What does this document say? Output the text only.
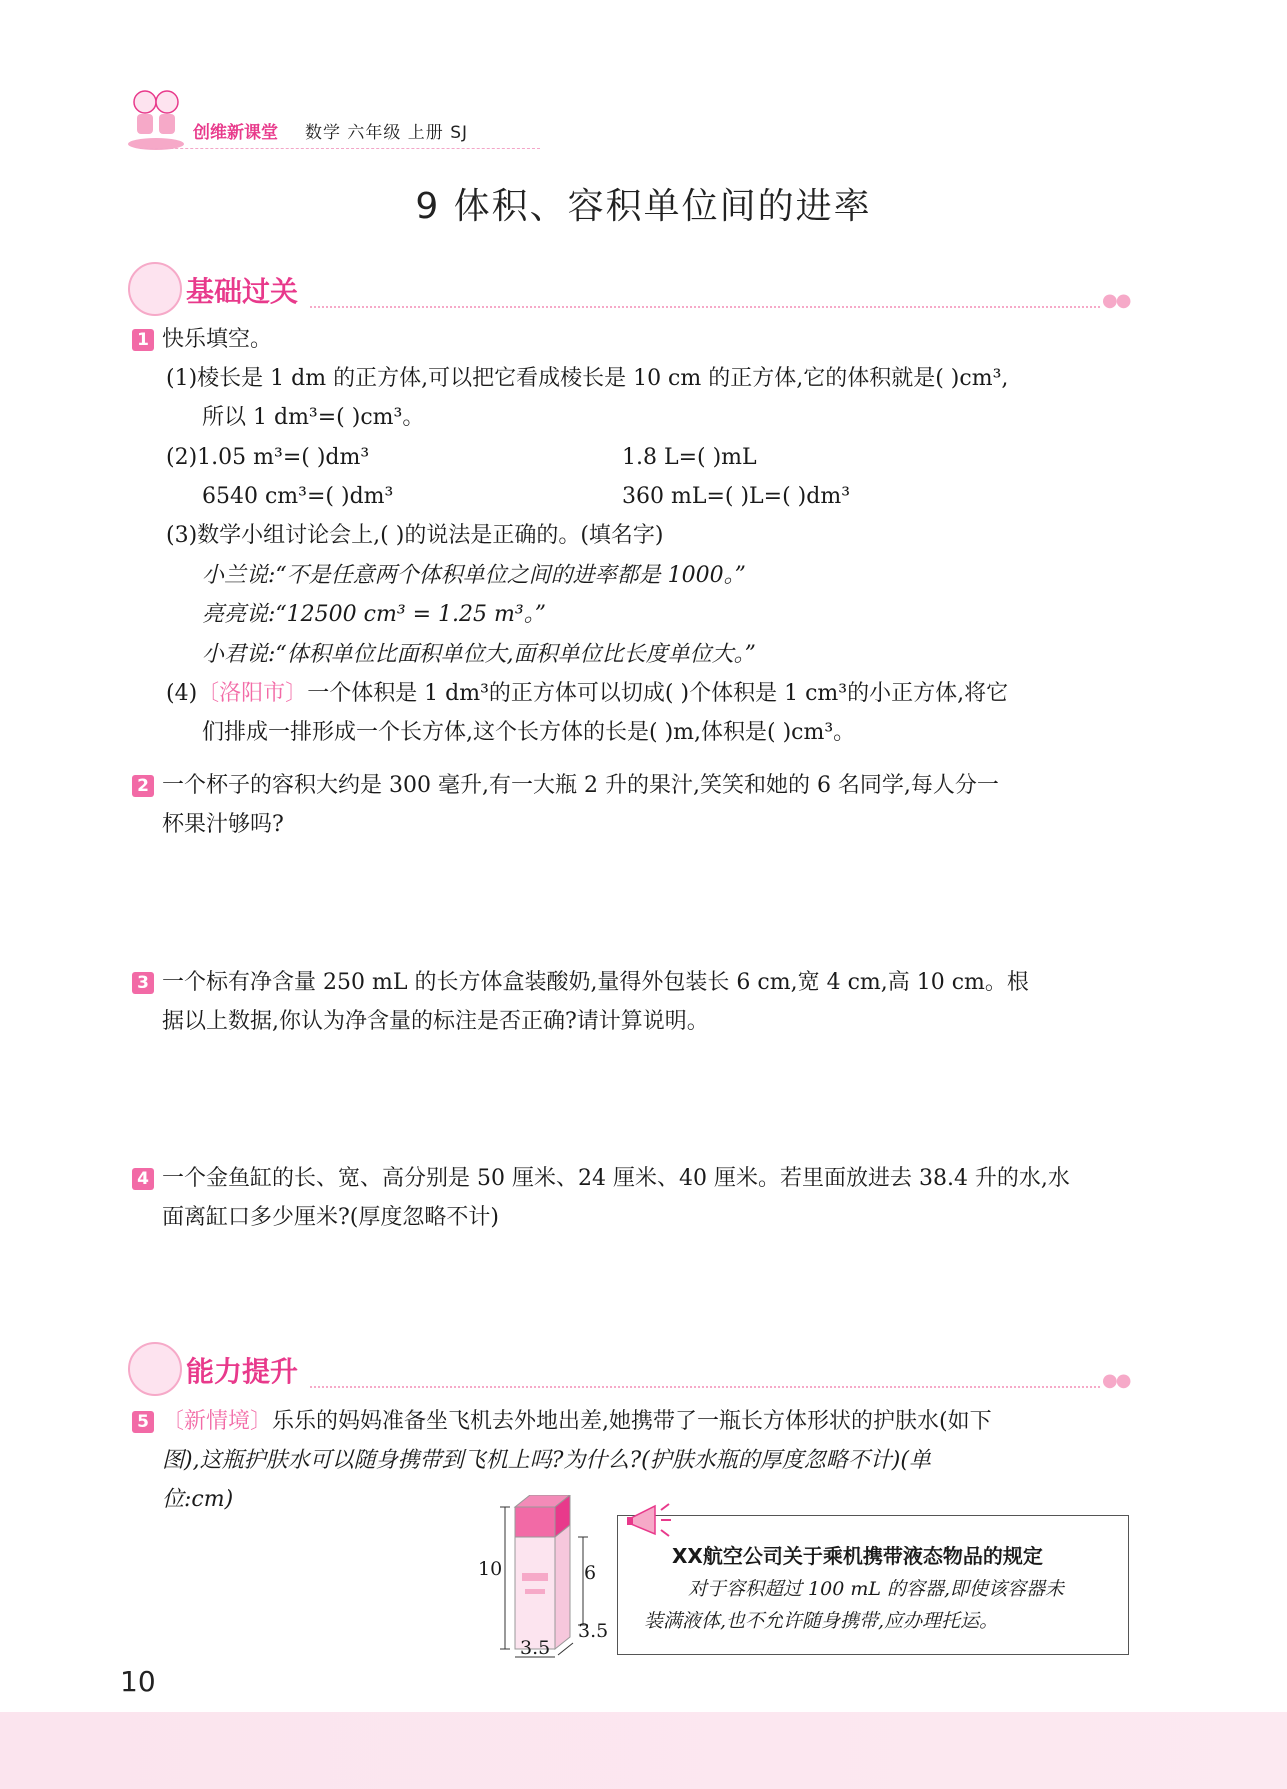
创维新课堂 数学 六年级 上册 SJ
9 体积、容积单位间的进率
基础过关	●●
1 快乐填空。
(1)棱长是 1 dm 的正方体,可以把它看成棱长是 10 cm 的正方体,它的体积就是( )cm³,
所以 1 dm³=( )cm³。
(2)1.05 m³=( )dm³	1.8 L=( )mL
6540 cm³=( )dm³	360 mL=( )L=( )dm³
(3)数学小组讨论会上,( )的说法是正确的。(填名字)
小兰说:“不是任意两个体积单位之间的进率都是 1000。”
亮亮说:“12500 cm³ = 1.25 m³。”
小君说:“体积单位比面积单位大,面积单位比长度单位大。”
(4)〔洛阳市〕一个体积是 1 dm³的正方体可以切成( )个体积是 1 cm³的小正方体,将它
们排成一排形成一个长方体,这个长方体的长是( )m,体积是( )cm³。
2 一个杯子的容积大约是 300 毫升,有一大瓶 2 升的果汁,笑笑和她的 6 名同学,每人分一
杯果汁够吗?
3 一个标有净含量 250 mL 的长方体盒装酸奶,量得外包装长 6 cm,宽 4 cm,高 10 cm。根
据以上数据,你认为净含量的标注是否正确?请计算说明。
4 一个金鱼缸的长、宽、高分别是 50 厘米、24 厘米、40 厘米。若里面放进去 38.4 升的水,水
面离缸口多少厘米?(厚度忽略不计)
能力提升	●●
5 〔新情境〕乐乐的妈妈准备坐飞机去外地出差,她携带了一瓶长方体形状的护肤水(如下
图),这瓶护肤水可以随身携带到飞机上吗?为什么?(护肤水瓶的厚度忽略不计)(单
位:cm)
10	6
3.5
3.5
XX航空公司关于乘机携带液态物品的规定
对于容积超过 100 mL 的容器,即使该容器未
装满液体,也不允许随身携带,应办理托运。
10
